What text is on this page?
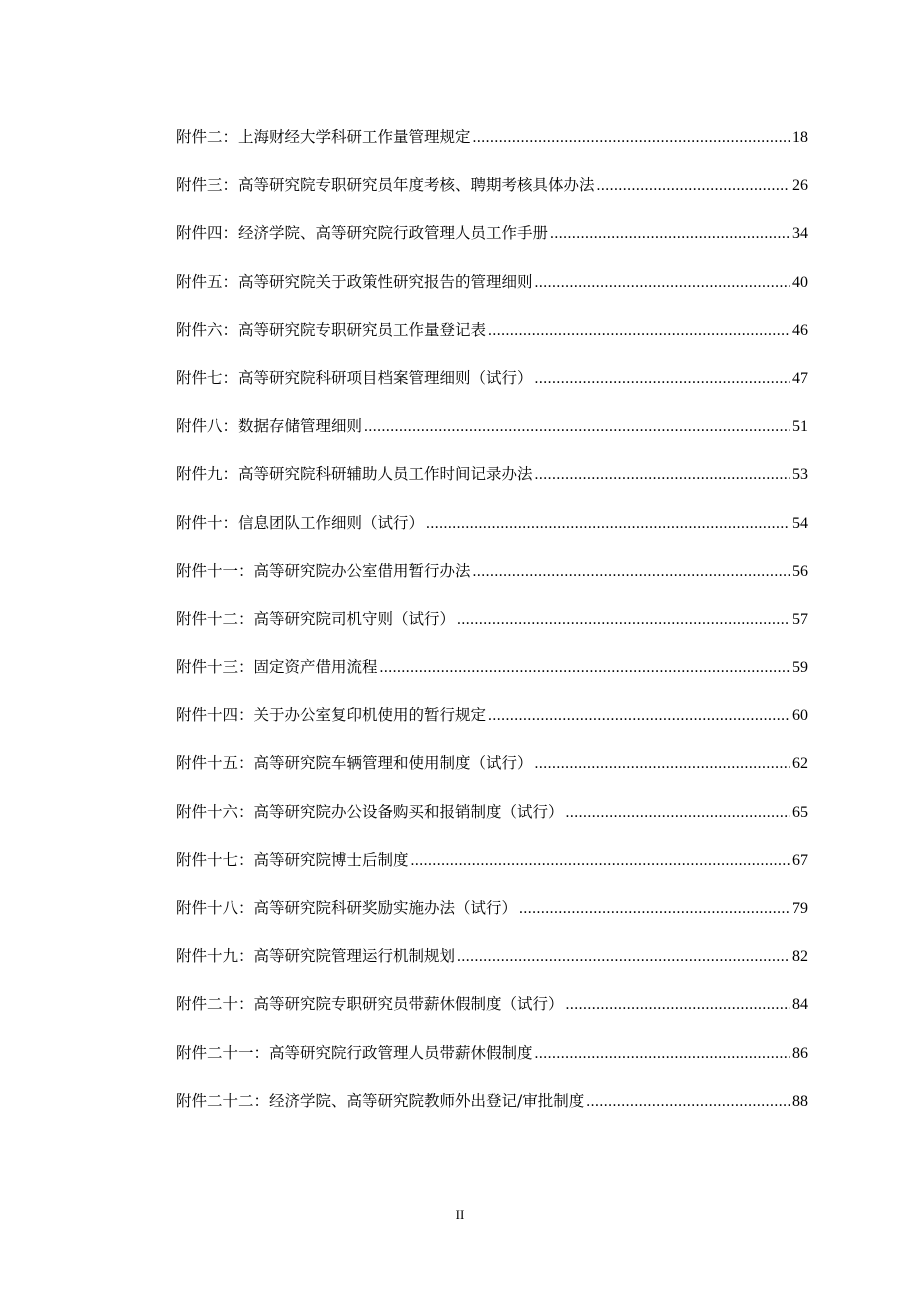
附件二：上海财经大学科研工作量管理规定 .....	18
附件三：高等研究院专职研究员年度考核、聘期考核具体办法 .....	26
附件四：经济学院、高等研究院行政管理人员工作手册 .....	34
附件五：高等研究院关于政策性研究报告的管理细则 .....	40
附件六：高等研究院专职研究员工作量登记表 .....	46
附件七：高等研究院科研项目档案管理细则（试行） .....	47
附件八：数据存储管理细则 .....	51
附件九：高等研究院科研辅助人员工作时间记录办法 .....	53
附件十：信息团队工作细则（试行） .....	54
附件十一：高等研究院办公室借用暂行办法 .....	56
附件十二：高等研究院司机守则（试行） .....	57
附件十三：固定资产借用流程 .....	59
附件十四：关于办公室复印机使用的暂行规定 .....	60
附件十五：高等研究院车辆管理和使用制度（试行） .....	62
附件十六：高等研究院办公设备购买和报销制度（试行） .....	65
附件十七：高等研究院博士后制度 .....	67
附件十八：高等研究院科研奖励实施办法（试行） .....	79
附件十九：高等研究院管理运行机制规划 .....	82
附件二十：高等研究院专职研究员带薪休假制度（试行） .....	84
附件二十一：高等研究院行政管理人员带薪休假制度 .....	86
附件二十二：经济学院、高等研究院教师外出登记/审批制度 .....	88
II
